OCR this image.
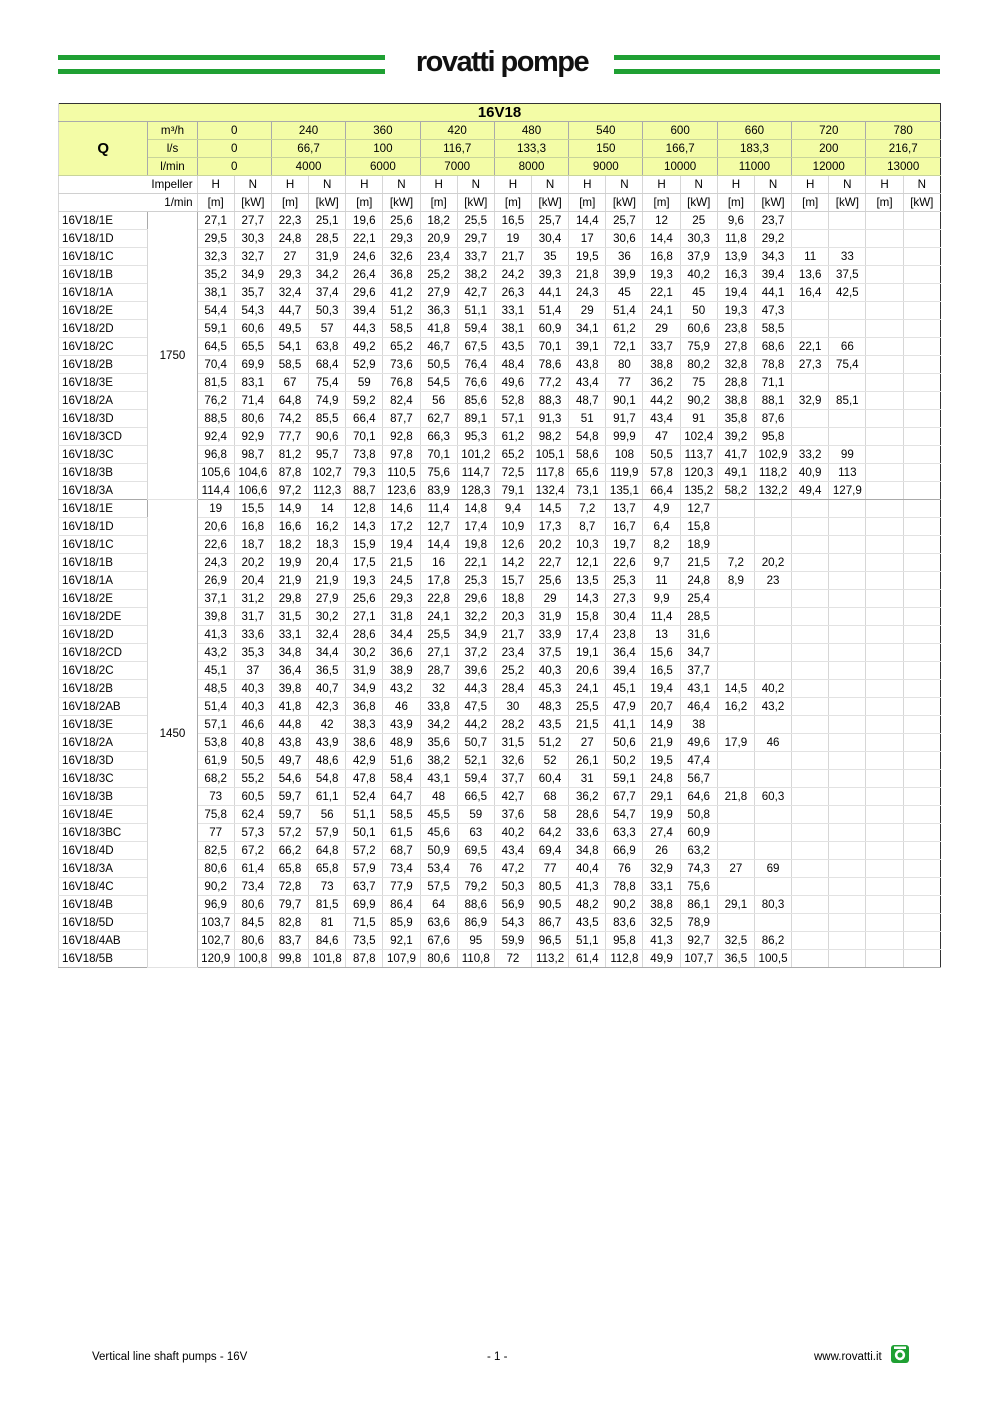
rovatti pompe
16V18																					
Q	m³/h	0		240		360		420		480		540		600		660		720		780	
	l/s	0		66,7		100		116,7		133,3		150		166,7		183,3		200		216,7	
	l/min	0		4000		6000		7000		8000		9000		10000		11000		12000		13000	
Impeller		H	N	H	N	H	N	H	N	H	N	H	N	H	N	H	N	H	N	H	N
1/min		[m]	[kW]	[m]	[kW]	[m]	[kW]	[m]	[kW]	[m]	[kW]	[m]	[kW]	[m]	[kW]	[m]	[kW]	[m]	[kW]	[m]	[kW]
16V18/1E	1750	27,1	27,7	22,3	25,1	19,6	25,6	18,2	25,5	16,5	25,7	14,4	25,7	12	25	9,6	23,7				
16V18/1D		29,5	30,3	24,8	28,5	22,1	29,3	20,9	29,7	19	30,4	17	30,6	14,4	30,3	11,8	29,2				
16V18/1C		32,3	32,7	27	31,9	24,6	32,6	23,4	33,7	21,7	35	19,5	36	16,8	37,9	13,9	34,3	11	33		
16V18/1B		35,2	34,9	29,3	34,2	26,4	36,8	25,2	38,2	24,2	39,3	21,8	39,9	19,3	40,2	16,3	39,4	13,6	37,5		
16V18/1A		38,1	35,7	32,4	37,4	29,6	41,2	27,9	42,7	26,3	44,1	24,3	45	22,1	45	19,4	44,1	16,4	42,5		
16V18/2E		54,4	54,3	44,7	50,3	39,4	51,2	36,3	51,1	33,1	51,4	29	51,4	24,1	50	19,3	47,3				
16V18/2D		59,1	60,6	49,5	57	44,3	58,5	41,8	59,4	38,1	60,9	34,1	61,2	29	60,6	23,8	58,5				
16V18/2C		64,5	65,5	54,1	63,8	49,2	65,2	46,7	67,5	43,5	70,1	39,1	72,1	33,7	75,9	27,8	68,6	22,1	66		
16V18/2B		70,4	69,9	58,5	68,4	52,9	73,6	50,5	76,4	48,4	78,6	43,8	80	38,8	80,2	32,8	78,8	27,3	75,4		
16V18/3E		81,5	83,1	67	75,4	59	76,8	54,5	76,6	49,6	77,2	43,4	77	36,2	75	28,8	71,1				
16V18/2A		76,2	71,4	64,8	74,9	59,2	82,4	56	85,6	52,8	88,3	48,7	90,1	44,2	90,2	38,8	88,1	32,9	85,1		
16V18/3D		88,5	80,6	74,2	85,5	66,4	87,7	62,7	89,1	57,1	91,3	51	91,7	43,4	91	35,8	87,6				
16V18/3CD		92,4	92,9	77,7	90,6	70,1	92,8	66,3	95,3	61,2	98,2	54,8	99,9	47	102,4	39,2	95,8				
16V18/3C		96,8	98,7	81,2	95,7	73,8	97,8	70,1	101,2	65,2	105,1	58,6	108	50,5	113,7	41,7	102,9	33,2	99		
16V18/3B		105,6	104,6	87,8	102,7	79,3	110,5	75,6	114,7	72,5	117,8	65,6	119,9	57,8	120,3	49,1	118,2	40,9	113		
16V18/3A		114,4	106,6	97,2	112,3	88,7	123,6	83,9	128,3	79,1	132,4	73,1	135,1	66,4	135,2	58,2	132,2	49,4	127,9		
16V18/1E	1450	19	15,5	14,9	14	12,8	14,6	11,4	14,8	9,4	14,5	7,2	13,7	4,9	12,7						
16V18/1D		20,6	16,8	16,6	16,2	14,3	17,2	12,7	17,4	10,9	17,3	8,7	16,7	6,4	15,8						
16V18/1C		22,6	18,7	18,2	18,3	15,9	19,4	14,4	19,8	12,6	20,2	10,3	19,7	8,2	18,9						
16V18/1B		24,3	20,2	19,9	20,4	17,5	21,5	16	22,1	14,2	22,7	12,1	22,6	9,7	21,5	7,2	20,2				
16V18/1A		26,9	20,4	21,9	21,9	19,3	24,5	17,8	25,3	15,7	25,6	13,5	25,3	11	24,8	8,9	23				
16V18/2E		37,1	31,2	29,8	27,9	25,6	29,3	22,8	29,6	18,8	29	14,3	27,3	9,9	25,4						
16V18/2DE		39,8	31,7	31,5	30,2	27,1	31,8	24,1	32,2	20,3	31,9	15,8	30,4	11,4	28,5						
16V18/2D		41,3	33,6	33,1	32,4	28,6	34,4	25,5	34,9	21,7	33,9	17,4	23,8	13	31,6						
16V18/2CD		43,2	35,3	34,8	34,4	30,2	36,6	27,1	37,2	23,4	37,5	19,1	36,4	15,6	34,7						
16V18/2C		45,1	37	36,4	36,5	31,9	38,9	28,7	39,6	25,2	40,3	20,6	39,4	16,5	37,7						
16V18/2B		48,5	40,3	39,8	40,7	34,9	43,2	32	44,3	28,4	45,3	24,1	45,1	19,4	43,1	14,5	40,2				
16V18/2AB		51,4	40,3	41,8	42,3	36,8	46	33,8	47,5	30	48,3	25,5	47,9	20,7	46,4	16,2	43,2				
16V18/3E		57,1	46,6	44,8	42	38,3	43,9	34,2	44,2	28,2	43,5	21,5	41,1	14,9	38						
16V18/2A		53,8	40,8	43,8	43,9	38,6	48,9	35,6	50,7	31,5	51,2	27	50,6	21,9	49,6	17,9	46				
16V18/3D		61,9	50,5	49,7	48,6	42,9	51,6	38,2	52,1	32,6	52	26,1	50,2	19,5	47,4						
16V18/3C		68,2	55,2	54,6	54,8	47,8	58,4	43,1	59,4	37,7	60,4	31	59,1	24,8	56,7						
16V18/3B		73	60,5	59,7	61,1	52,4	64,7	48	66,5	42,7	68	36,2	67,7	29,1	64,6	21,8	60,3				
16V18/4E		75,8	62,4	59,7	56	51,1	58,5	45,5	59	37,6	58	28,6	54,7	19,9	50,8						
16V18/3BC		77	57,3	57,2	57,9	50,1	61,5	45,6	63	40,2	64,2	33,6	63,3	27,4	60,9						
16V18/4D		82,5	67,2	66,2	64,8	57,2	68,7	50,9	69,5	43,4	69,4	34,8	66,9	26	63,2						
16V18/3A		80,6	61,4	65,8	65,8	57,9	73,4	53,4	76	47,2	77	40,4	76	32,9	74,3	27	69				
16V18/4C		90,2	73,4	72,8	73	63,7	77,9	57,5	79,2	50,3	80,5	41,3	78,8	33,1	75,6						
16V18/4B		96,9	80,6	79,7	81,5	69,9	86,4	64	88,6	56,9	90,5	48,2	90,2	38,8	86,1	29,1	80,3				
16V18/5D		103,7	84,5	82,8	81	71,5	85,9	63,6	86,9	54,3	86,7	43,5	83,6	32,5	78,9						
16V18/4AB		102,7	80,6	83,7	84,6	73,5	92,1	67,6	95	59,9	96,5	51,1	95,8	41,3	92,7	32,5	86,2				
16V18/5B		120,9	100,8	99,8	101,8	87,8	107,9	80,6	110,8	72	113,2	61,4	112,8	49,9	107,7	36,5	100,5				
Vertical line shaft pumps - 16V	- 1 -	www.rovatti.it
